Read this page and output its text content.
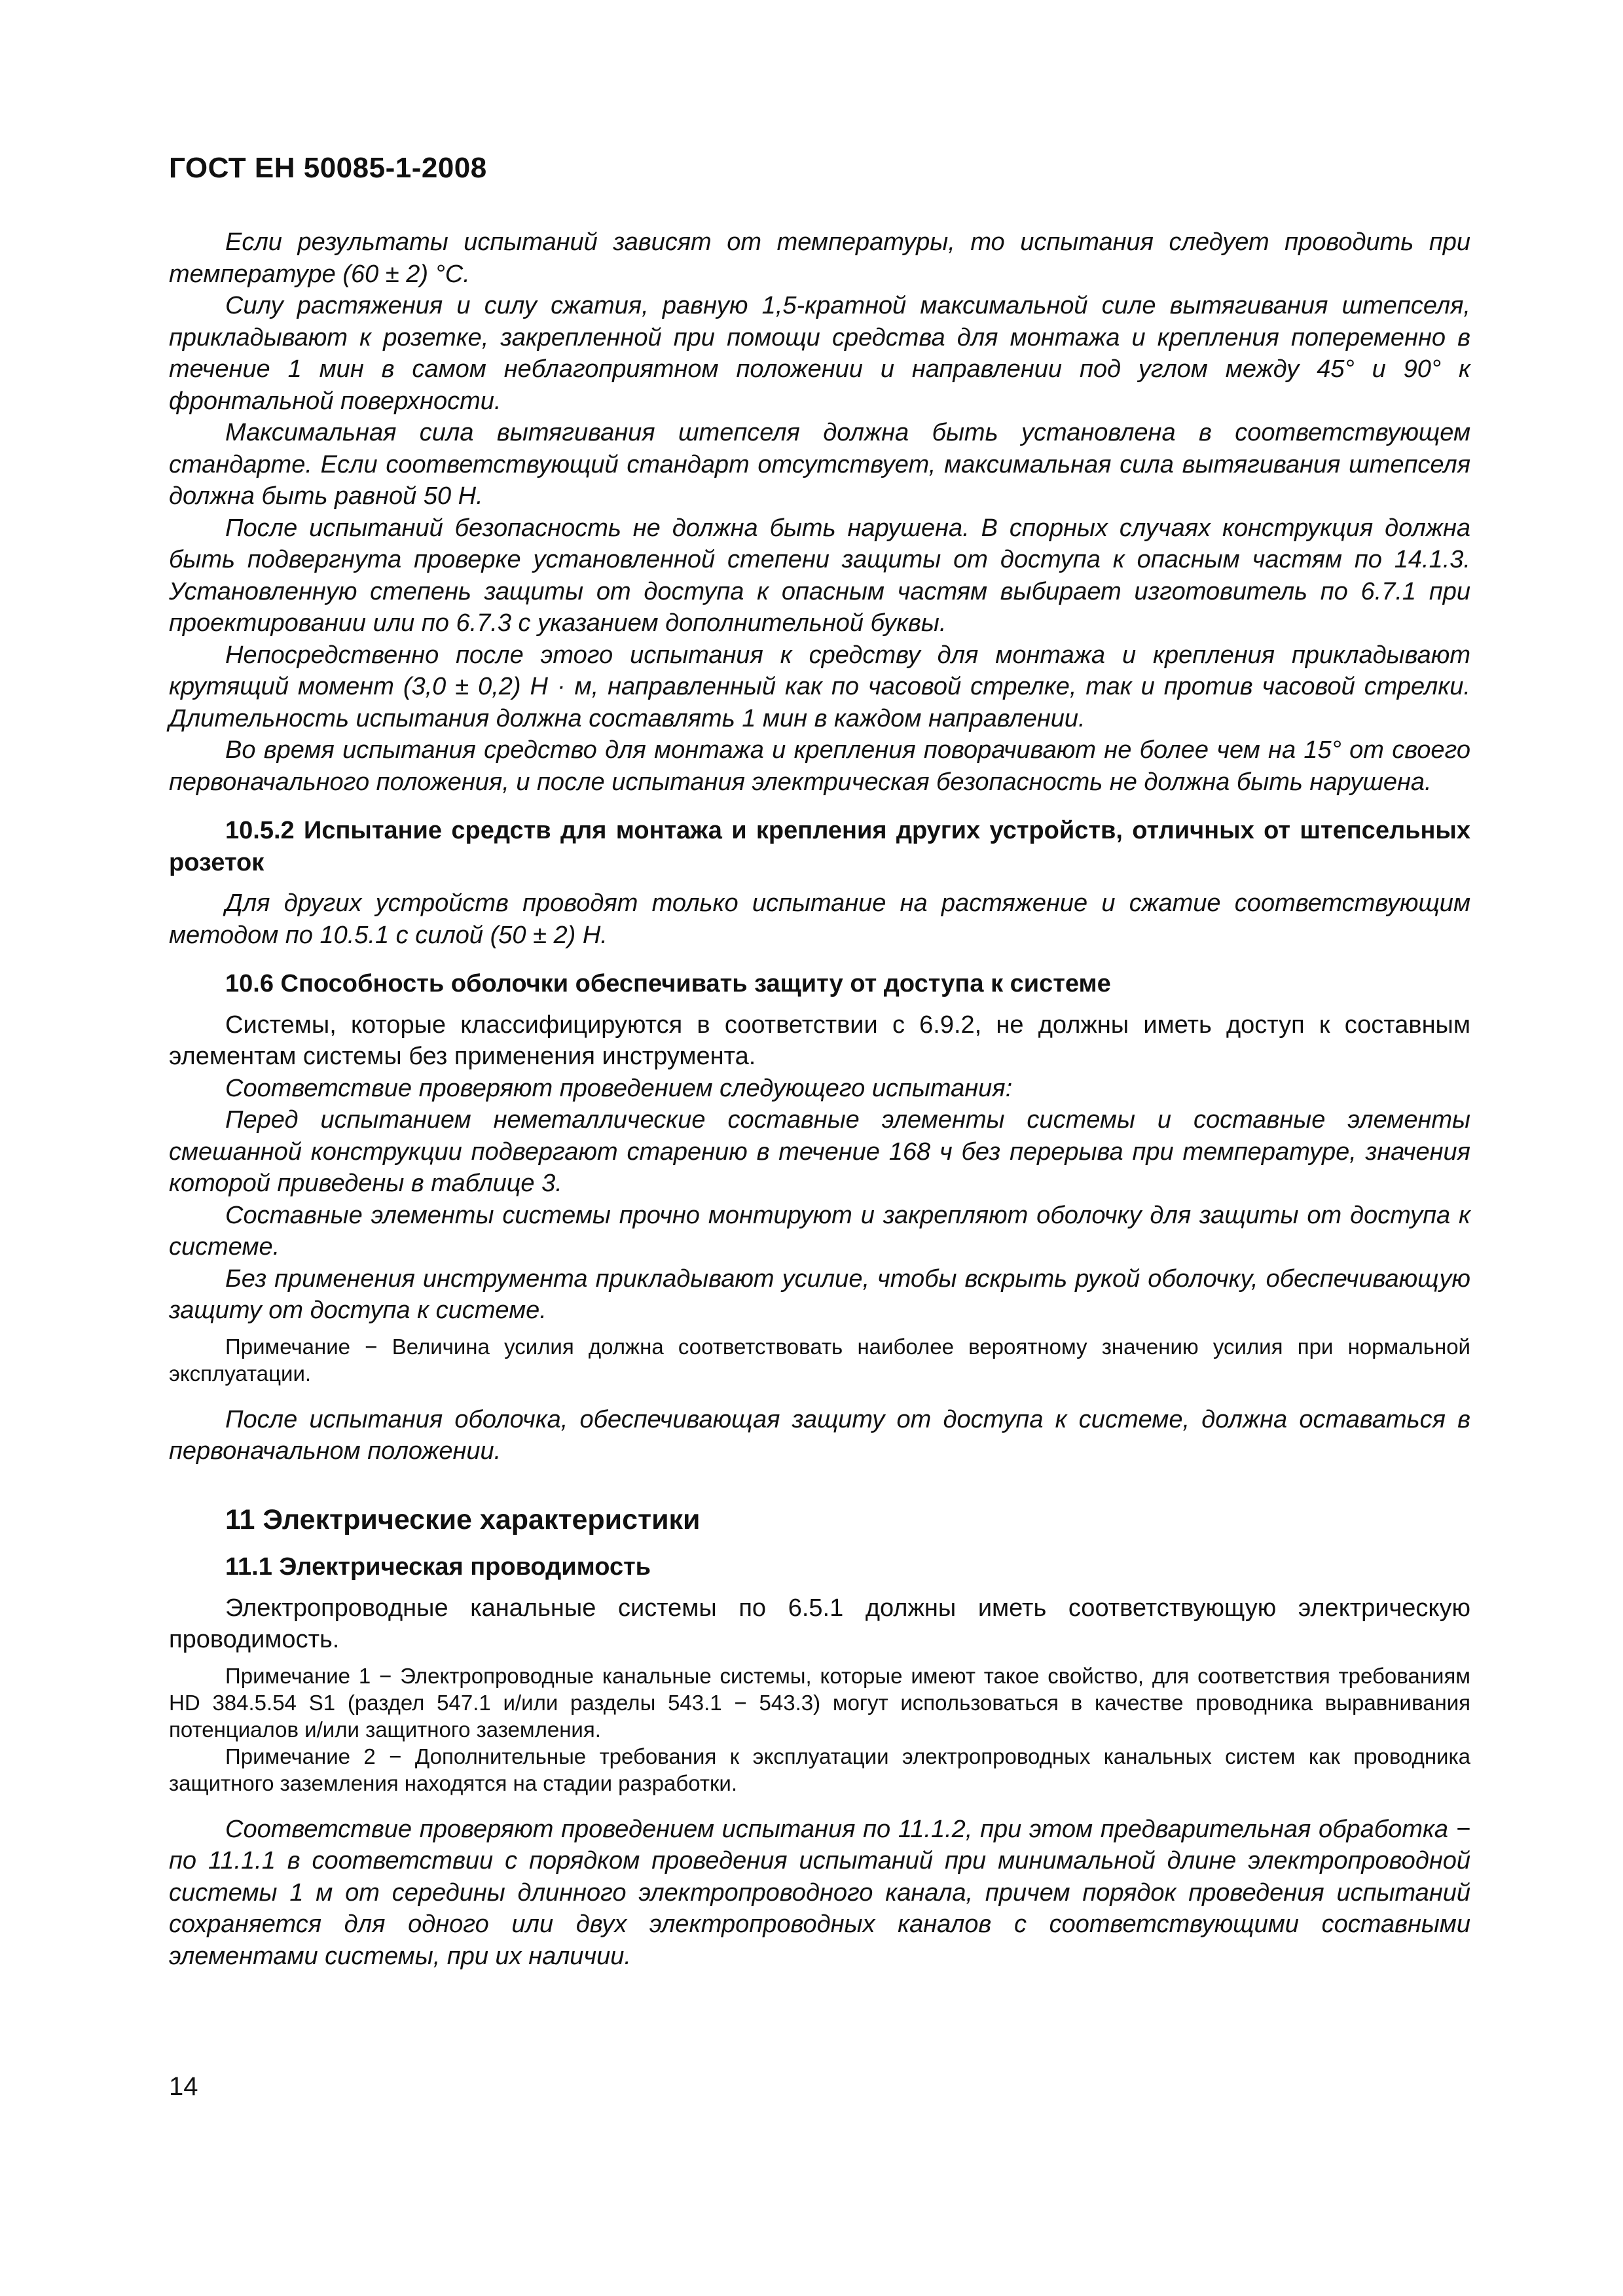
ГОСТ ЕН 50085-1-2008

Если результаты испытаний зависят от температуры, то испытания следует проводить при температуре (60 ± 2) °С.

Силу растяжения и силу сжатия, равную 1,5-кратной максимальной силе вытягивания штепселя, прикладывают к розетке, закрепленной при помощи средства для монтажа и крепления попеременно в течение 1 мин в самом неблагоприятном положении и направлении под углом между 45° и 90° к фронтальной поверхности.

Максимальная сила вытягивания штепселя должна быть установлена в соответствующем стандарте. Если соответствующий стандарт отсутствует, максимальная сила вытягивания штепселя должна быть равной 50 Н.

После испытаний безопасность не должна быть нарушена. В спорных случаях конструкция должна быть подвергнута проверке установленной степени защиты от доступа к опасным частям по 14.1.3. Установленную степень защиты от доступа к опасным частям выбирает изготовитель по 6.7.1 при проектировании или по 6.7.3 с указанием дополнительной буквы.

Непосредственно после этого испытания к средству для монтажа и крепления прикладывают крутящий момент (3,0 ± 0,2) Н · м, направленный как по часовой стрелке, так и против часовой стрелки. Длительность испытания должна составлять 1 мин в каждом направлении.

Во время испытания средство для монтажа и крепления поворачивают не более чем на 15° от своего первоначального положения, и после испытания электрическая безопасность не должна быть нарушена.

10.5.2 Испытание средств для монтажа и крепления других устройств, отличных от штепсельных розеток

Для других устройств проводят только испытание на растяжение и сжатие соответствующим методом по 10.5.1 с силой (50 ± 2) Н.

10.6 Способность оболочки обеспечивать защиту от доступа к системе

Системы, которые классифицируются в соответствии с 6.9.2, не должны иметь доступ к составным элементам системы без применения инструмента.

Соответствие проверяют проведением следующего испытания:

Перед испытанием неметаллические составные элементы системы и составные элементы смешанной конструкции подвергают старению в течение 168 ч без перерыва при температуре, значения которой приведены в таблице 3.

Составные элементы системы прочно монтируют и закрепляют оболочку для защиты от доступа к системе.

Без применения инструмента прикладывают усилие, чтобы вскрыть рукой оболочку, обеспечивающую защиту от доступа к системе.

Примечание − Величина усилия должна соответствовать наиболее вероятному значению усилия при нормальной эксплуатации.

После испытания оболочка, обеспечивающая защиту от доступа к системе, должна оставаться в первоначальном положении.

11 Электрические характеристики

11.1 Электрическая проводимость

Электропроводные канальные системы по 6.5.1 должны иметь соответствующую электрическую проводимость.

Примечание 1 − Электропроводные канальные системы, которые имеют такое свойство, для соответствия требованиям HD 384.5.54 S1 (раздел 547.1 и/или разделы 543.1 − 543.3) могут использоваться в качестве проводника выравнивания потенциалов и/или защитного заземления.

Примечание 2 − Дополнительные требования к эксплуатации электропроводных канальных систем как проводника защитного заземления находятся на стадии разработки.

Соответствие проверяют проведением испытания по 11.1.2, при этом предварительная обработка − по 11.1.1 в соответствии с порядком проведения испытаний при минимальной длине электропроводной системы 1 м от середины длинного электропроводного канала, причем порядок проведения испытаний сохраняется для одного или двух электропроводных каналов с соответствующими составными элементами системы, при их наличии.

14
